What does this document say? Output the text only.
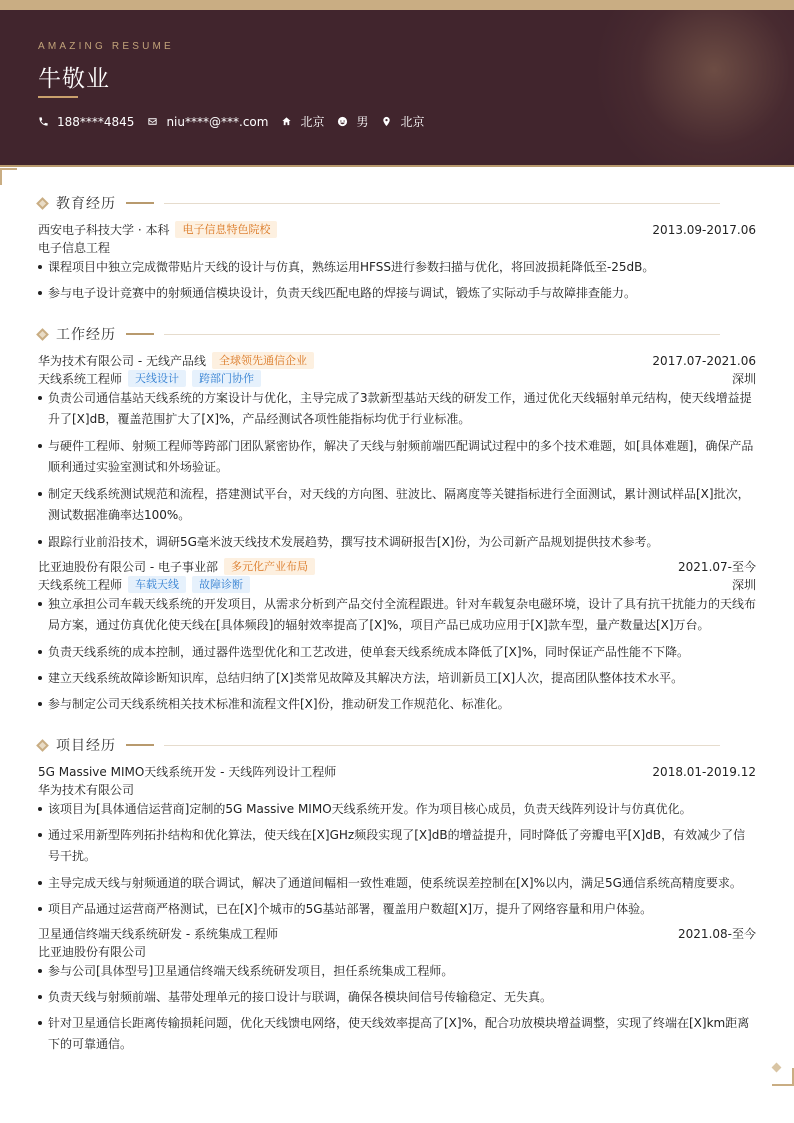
AMAZING RESUME
牛敬业
188****4845	niu****@***.com	北京	男	北京
教育经历
西安电子科技大学 · 本科	电子信息特色院校	2013.09-2017.06
电子信息工程
课程项目中独立完成微带贴片天线的设计与仿真，熟练运用HFSS进行参数扫描与优化，将回波损耗降低至-25dB。
参与电子设计竞赛中的射频通信模块设计，负责天线匹配电路的焊接与调试，锻炼了实际动手与故障排查能力。
工作经历
华为技术有限公司 - 无线产品线	全球领先通信企业	2017.07-2021.06
天线系统工程师	天线设计	跨部门协作	深圳
负责公司通信基站天线系统的方案设计与优化，主导完成了3款新型基站天线的研发工作，通过优化天线辐射单元结构，使天线增益提升了[X]dB，覆盖范围扩大了[X]%，产品经测试各项性能指标均优于行业标准。
与硬件工程师、射频工程师等跨部门团队紧密协作，解决了天线与射频前端匹配调试过程中的多个技术难题，如[具体难题]，确保产品顺利通过实验室测试和外场验证。
制定天线系统测试规范和流程，搭建测试平台，对天线的方向图、驻波比、隔离度等关键指标进行全面测试，累计测试样品[X]批次，测试数据准确率达100%。
跟踪行业前沿技术，调研5G毫米波天线技术发展趋势，撰写技术调研报告[X]份，为公司新产品规划提供技术参考。
比亚迪股份有限公司 - 电子事业部	多元化产业布局	2021.07-至今
天线系统工程师	车载天线	故障诊断	深圳
独立承担公司车载天线系统的开发项目，从需求分析到产品交付全流程跟进。针对车载复杂电磁环境，设计了具有抗干扰能力的天线布局方案，通过仿真优化使天线在[具体频段]的辐射效率提高了[X]%，项目产品已成功应用于[X]款车型，量产数量达[X]万台。
负责天线系统的成本控制，通过器件选型优化和工艺改进，使单套天线系统成本降低了[X]%，同时保证产品性能不下降。
建立天线系统故障诊断知识库，总结归纳了[X]类常见故障及其解决方法，培训新员工[X]人次，提高团队整体技术水平。
参与制定公司天线系统相关技术标准和流程文件[X]份，推动研发工作规范化、标准化。
项目经历
5G Massive MIMO天线系统开发 - 天线阵列设计工程师	2018.01-2019.12
华为技术有限公司
该项目为[具体通信运营商]定制的5G Massive MIMO天线系统开发。作为项目核心成员，负责天线阵列设计与仿真优化。
通过采用新型阵列拓扑结构和优化算法，使天线在[X]GHz频段实现了[X]dB的增益提升，同时降低了旁瓣电平[X]dB，有效减少了信号干扰。
主导完成天线与射频通道的联合调试，解决了通道间幅相一致性难题，使系统误差控制在[X]%以内，满足5G通信系统高精度要求。
项目产品通过运营商严格测试，已在[X]个城市的5G基站部署，覆盖用户数超[X]万，提升了网络容量和用户体验。
卫星通信终端天线系统研发 - 系统集成工程师	2021.08-至今
比亚迪股份有限公司
参与公司[具体型号]卫星通信终端天线系统研发项目，担任系统集成工程师。
负责天线与射频前端、基带处理单元的接口设计与联调，确保各模块间信号传输稳定、无失真。
针对卫星通信长距离传输损耗问题，优化天线馈电网络，使天线效率提高了[X]%，配合功放模块增益调整，实现了终端在[X]km距离下的可靠通信。
